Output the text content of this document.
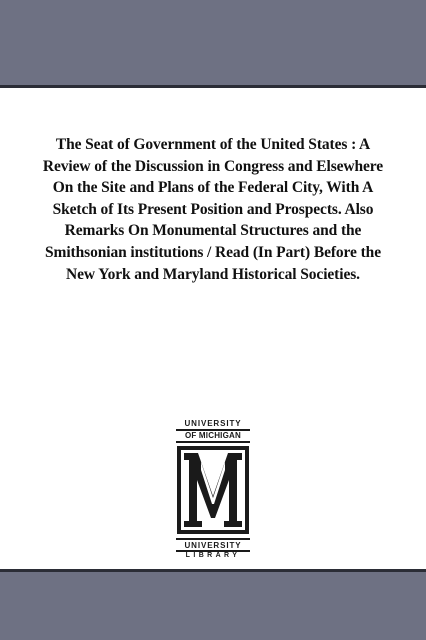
The Seat of Government of the United States : A Review of the Discussion in Congress and Elsewhere On the Site and Plans of the Federal City, With A Sketch of Its Present Position and Prospects. Also Remarks On Monumental Structures and the Smithsonian institutions / Read (In Part) Before the New York and Maryland Historical Societies.

UNIVERSITY
OF MICHIGAN
UNIVERSITY
LIBRARY
